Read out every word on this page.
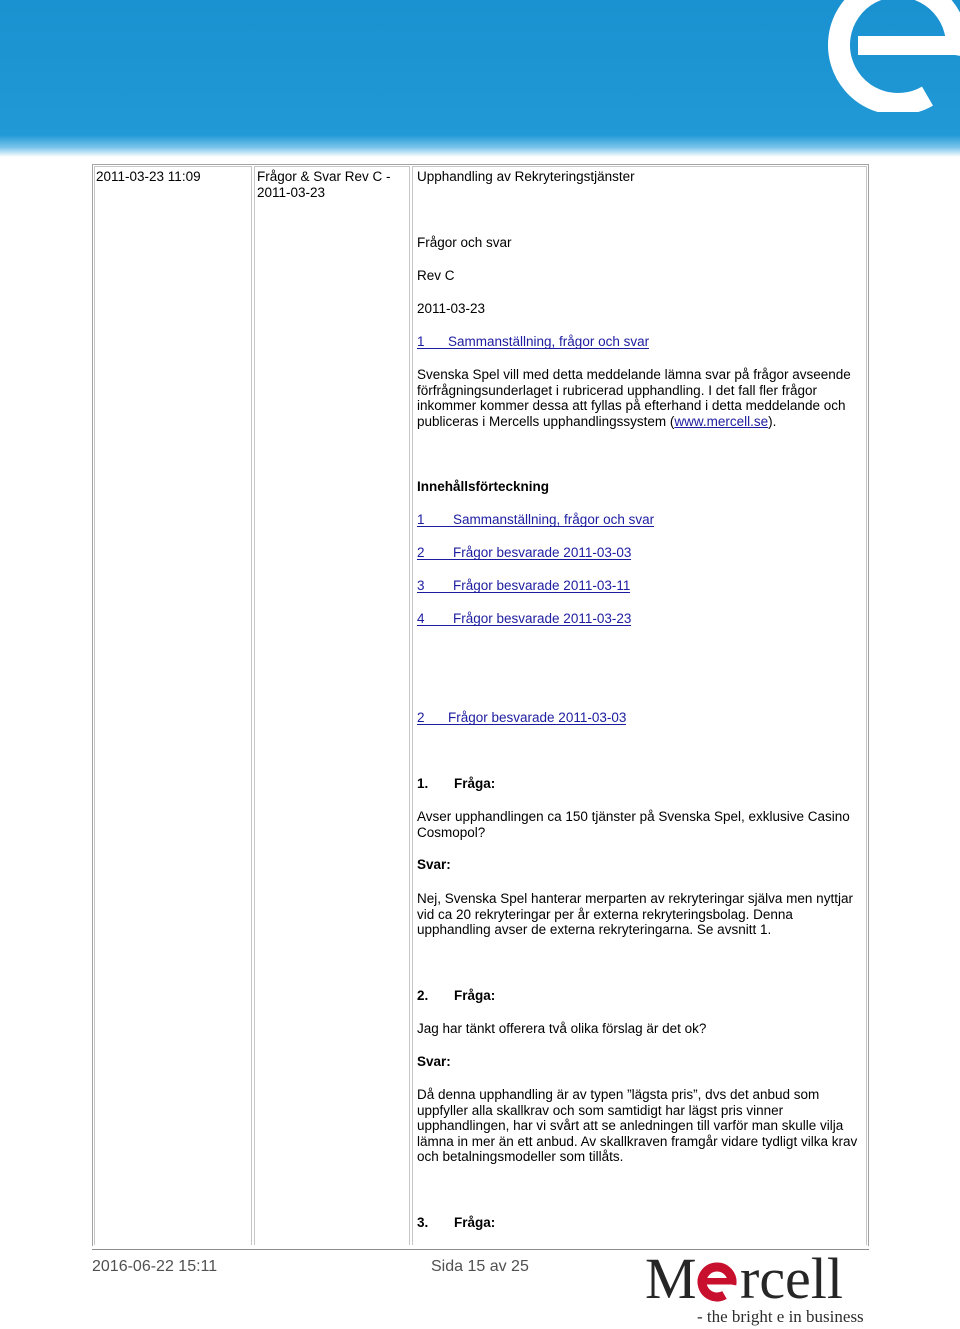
2011-03-23 11:09	Frågor & Svar Rev C -
2011-03-23
Upphandling av Rekryteringstjänster
Frågor och svar
Rev C
2011-03-23
1 Sammanställning, frågor och svar
Svenska Spel vill med detta meddelande lämna svar på frågor avseende
förfrågningsunderlaget i rubricerad upphandling. I det fall fler frågor
inkommer kommer dessa att fyllas på efterhand i detta meddelande och
publiceras i Mercells upphandlingssystem (www.mercell.se).
Innehållsförteckning
1 Sammanställning, frågor och svar
2 Frågor besvarade 2011-03-03
3 Frågor besvarade 2011-03-11
4 Frågor besvarade 2011-03-23
2 Frågor besvarade 2011-03-03
1. Fråga:
Avser upphandlingen ca 150 tjänster på Svenska Spel, exklusive Casino
Cosmopol?
Svar:
Nej, Svenska Spel hanterar merparten av rekryteringar själva men nyttjar
vid ca 20 rekryteringar per år externa rekryteringsbolag. Denna
upphandling avser de externa rekryteringarna. Se avsnitt 1.
2. Fråga:
Jag har tänkt offerera två olika förslag är det ok?
Svar:
Då denna upphandling är av typen ”lägsta pris”, dvs det anbud som
uppfyller alla skallkrav och som samtidigt har lägst pris vinner
upphandlingen, har vi svårt att se anledningen till varför man skulle vilja
lämna in mer än ett anbud. Av skallkraven framgår vidare tydligt vilka krav
och betalningsmodeller som tillåts.
3. Fråga:
2016-06-22 15:11	Sida 15 av 25 M rcell
- the bright e in business
